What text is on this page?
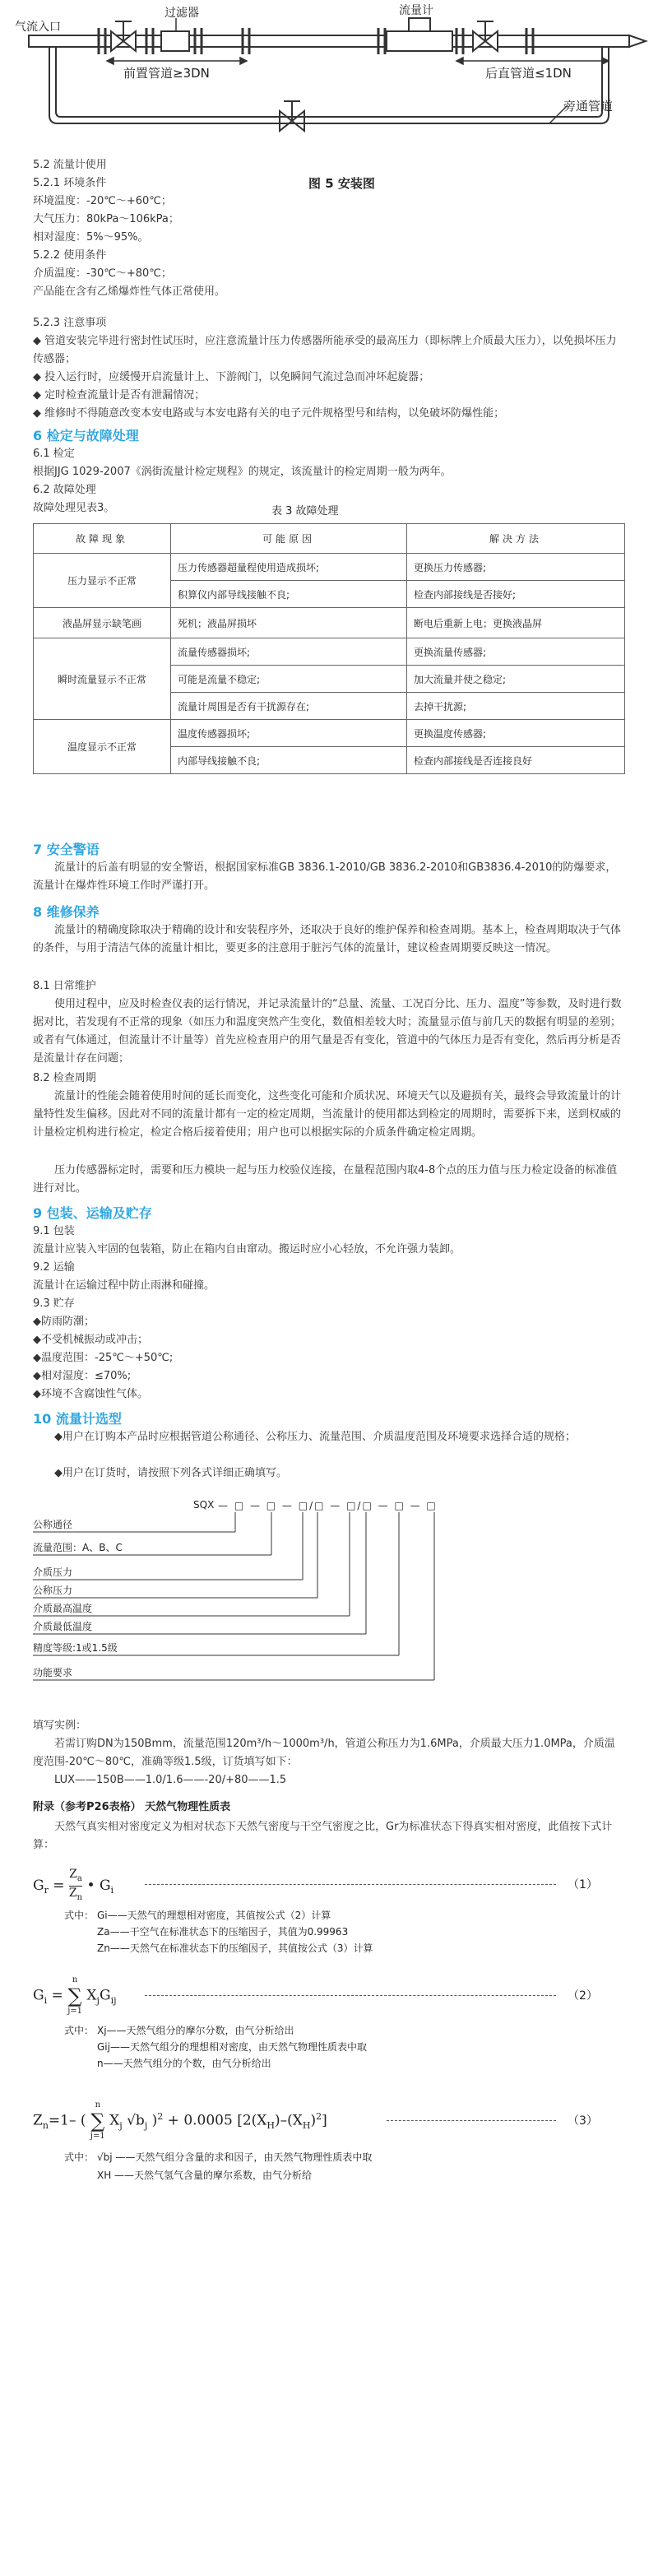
气流入口
过滤器	流量计
前置管道≥3DN	后直管道≤1DN
旁通管道
5.2 流量计使用
5.2.1 环境条件
环境温度：-20℃～+60℃；
大气压力：80kPa～106kPa；
相对湿度：5%～95%。
5.2.2 使用条件
介质温度：-30℃～+80℃；
产品能在含有乙烯爆炸性气体正常使用。
图 5 安装图
5.2.3 注意事项
◆ 管道安装完毕进行密封性试压时，应注意流量计压力传感器所能承受的最高压力（即标牌上介质最大压力），以免损坏压力传感器；
◆ 投入运行时，应缓慢开启流量计上、下游阀门，以免瞬间气流过急而冲坏起旋器；
◆ 定时检查流量计是否有泄漏情况；
◆ 维修时不得随意改变本安电路或与本安电路有关的电子元件规格型号和结构，以免破坏防爆性能；
6 检定与故障处理
6.1 检定
根据JJG 1029-2007《涡街流量计检定规程》的规定，该流量计的检定周期一般为两年。
6.2 故障处理
故障处理见表3。	表 3 故障处理
故障现象	可能原因	解决方法
压力显示不正常	压力传感器超量程使用造成损坏;	更换压力传感器;
	积算仪内部导线接触不良;	检查内部接线是否接好;
液晶屏显示缺笔画	死机；液晶屏损坏	断电后重新上电；更换液晶屏
瞬时流量显示不正常	流量传感器损坏;	更换流量传感器;
	可能是流量不稳定;	加大流量并使之稳定;
	流量计周围是否有干扰源存在;	去掉干扰源;
温度显示不正常	温度传感器损坏;	更换温度传感器;
	内部导线接触不良;	检查内部接线是否连接良好
7 安全警语
流量计的后盖有明显的安全警语，根据国家标准GB 3836.1-2010/GB 3836.2-2010和GB3836.4-2010的防爆要求，流量计在爆炸性环境工作时严谨打开。
8 维修保养
流量计的精确度除取决于精确的设计和安装程序外，还取决于良好的维护保养和检查周期。基本上，检查周期取决于气体的条件，与用于清洁气体的流量计相比，要更多的注意用于脏污气体的流量计，建议检查周期要反映这一情况。
8.1 日常维护
使用过程中，应及时检查仪表的运行情况，并记录流量计的“总量、流量、工况百分比、压力、温度”等参数，及时进行数据对比，若发现有不正常的现象（如压力和温度突然产生变化，数值相差较大时；流量显示值与前几天的数据有明显的差别；或者有气体通过，但流量计不计量等）首先应检查用户的用气量是否有变化，管道中的气体压力是否有变化，然后再分析是否是流量计存在问题；
8.2 检查周期
流量计的性能会随着使用时间的延长而变化，这些变化可能和介质状况、环境天气以及避损有关，最终会导致流量计的计量特性发生偏移。因此对不同的流量计都有一定的检定周期，当流量计的使用都达到检定的周期时，需要拆下来，送到权威的计量检定机构进行检定，检定合格后接着使用；用户也可以根据实际的介质条件确定检定周期。
压力传感器标定时，需要和压力模块一起与压力校验仪连接，在量程范围内取4-8个点的压力值与压力检定设备的标准值进行对比。
9 包装、运输及贮存
9.1 包装
流量计应装入牢固的包装箱，防止在箱内自由窜动。搬运时应小心轻放，不允许强力装卸。
9.2 运输
流量计在运输过程中防止雨淋和碰撞。
9.3 贮存
◆防雨防潮；
◆不受机械振动或冲击；
◆温度范围：-25℃～+50℃;
◆相对湿度：≤70%;
◆环境不含腐蚀性气体。
10 流量计选型
◆用户在订购本产品时应根据管道公称通径、公称压力、流量范围、介质温度范围及环境要求选择合适的规格；
◆用户在订货时，请按照下列各式详细正确填写。
SQX — □ — □ — □/□ — □/□ — □ — □
公称通径
流量范围：A、B、C
介质压力
公称压力
介质最高温度
介质最低温度
精度等级:1或1.5级
功能要求
填写实例：
若需订购DN为150Bmm，流量范围120m³/h～1000m³/h，管道公称压力为1.6MPa，介质最大压力1.0MPa，介质温度范围-20℃～80℃，准确等级1.5级，订货填写如下：
LUX——150B——1.0/1.6——-20/+80——1.5
附录（参考P26表格） 天然气物理性质表
天然气真实相对密度定义为相对状态下天然气密度与干空气密度之比，Gr为标准状态下得真实相对密度，此值按下式计算：
$G_r = \frac{Z_a}{Z_n}$ • $G_i$	（1）
式中： Gi——天然气的理想相对密度，其值按公式（2）计算
Za——干空气在标准状态下的压缩因子，其值为0.99963
Zn——天然气在标准状态下的压缩因子，其值按公式（3）计算
$G_i$ =
n
∑
j=1
$X_jG_{ij}$	（2）
式中： Xj——天然气组分的摩尔分数，由气分析给出
Gij——天然气组分的理想相对密度，由天然气物理性质表中取
n——天然气组分的个数，由气分析给出
$Z_n=1-$ (
n
∑
j=1
$X_j$ $√b_j$ )$^2$ + 0.0005 $[2(X_H)-(X_H)^2]$	（3）
式中： √bj ——天然气组分含量的求和因子，由天然气物理性质表中取
XH ——天然气氢气含量的摩尔系数，由气分析给
